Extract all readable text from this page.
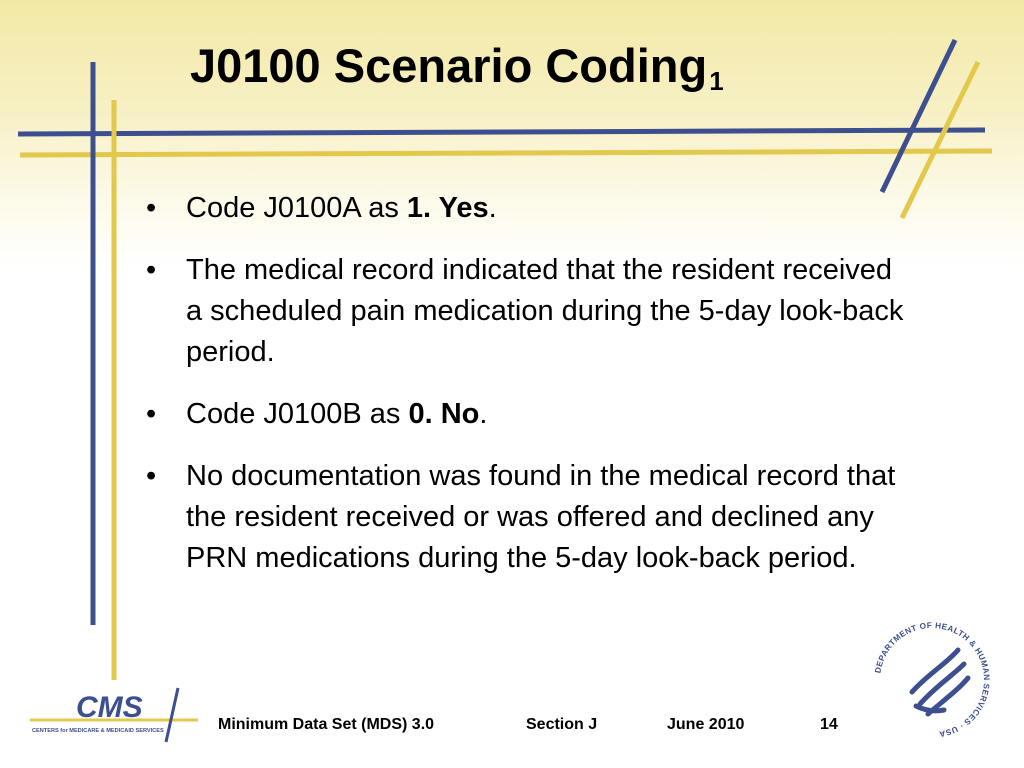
J0100 Scenario Coding$_1$
• Code J0100A as 1. Yes.
• The medical record indicated that the resident received a scheduled pain medication during the 5-day look-back period.
• Code J0100B as 0. No.
• No documentation was found in the medical record that the resident received or was offered and declined any PRN medications during the 5-day look-back period.
CMS
CENTERS for MEDICARE & MEDICAID SERVICES	Minimum Data Set (MDS) 3.0	Section J	June 2010	14
DEPARTMENT OF HEALTH & HUMAN SERVICES · USA
